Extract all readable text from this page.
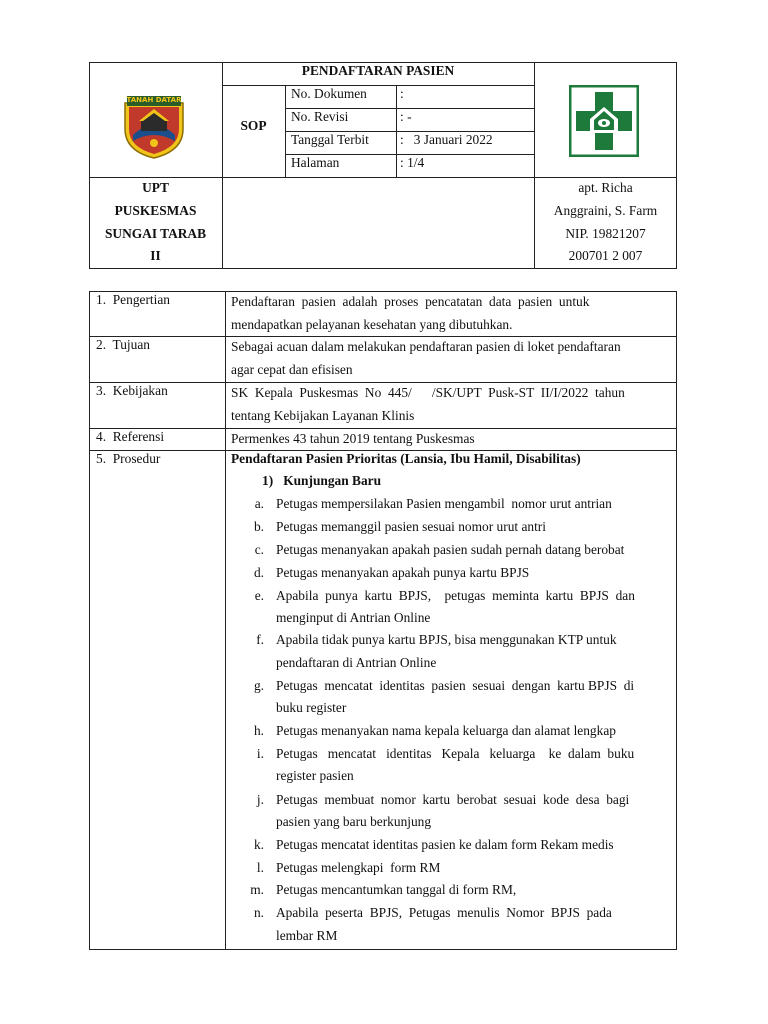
TANAH DATAR
PENDAFTARAN PASIEN
SOP
No. Dokumen :
No. Revisi	: -
Tanggal Terbit :   3 Januari 2022
Halaman	: 1/4
UPT
PUSKESMAS
SUNGAI TARAB
II
apt. Richa
Anggraini, S. Farm
NIP. 19821207
200701 2 007
1.  Pengertian
2.  Tujuan
3.  Kebijakan
4.  Referensi
5.  Prosedur
Pendaftaran  pasien  adalah  proses  pencatatan  data  pasien  untuk
mendapatkan pelayanan kesehatan yang dibutuhkan.
Sebagai acuan dalam melakukan pendaftaran pasien di loket pendaftaran
agar cepat dan efisisen
SK  Kepala  Puskesmas  No  445/      /SK/UPT  Pusk-ST  II/I/2022  tahun
tentang Kebijakan Layanan Klinis
Permenkes 43 tahun 2019 tentang Puskesmas
Pendaftaran Pasien Prioritas (Lansia, Ibu Hamil, Disabilitas)
1)   Kunjungan Baru
a. Petugas mempersilakan Pasien mengambil  nomor urut antrian
b. Petugas memanggil pasien sesuai nomor urut antri
c. Petugas menanyakan apakah pasien sudah pernah datang berobat
d. Petugas menanyakan apakah punya kartu BPJS
e. Apabila  punya  kartu  BPJS,    petugas  meminta  kartu  BPJS  dan
menginput di Antrian Online
f. Apabila tidak punya kartu BPJS, bisa menggunakan KTP untuk
pendaftaran di Antrian Online
g. Petugas  mencatat  identitas  pasien  sesuai  dengan  kartu BPJS  di
buku register
h. Petugas menanyakan nama kepala keluarga dan alamat lengkap
i. Petugas   mencatat   identitas   Kepala   keluarga    ke  dalam  buku
register pasien
j. Petugas  membuat  nomor  kartu  berobat  sesuai  kode  desa  bagi
pasien yang baru berkunjung
k. Petugas mencatat identitas pasien ke dalam form Rekam medis
l. Petugas melengkapi  form RM
m. Petugas mencantumkan tanggal di form RM,
n. Apabila  peserta  BPJS,  Petugas  menulis  Nomor  BPJS  pada
lembar RM
